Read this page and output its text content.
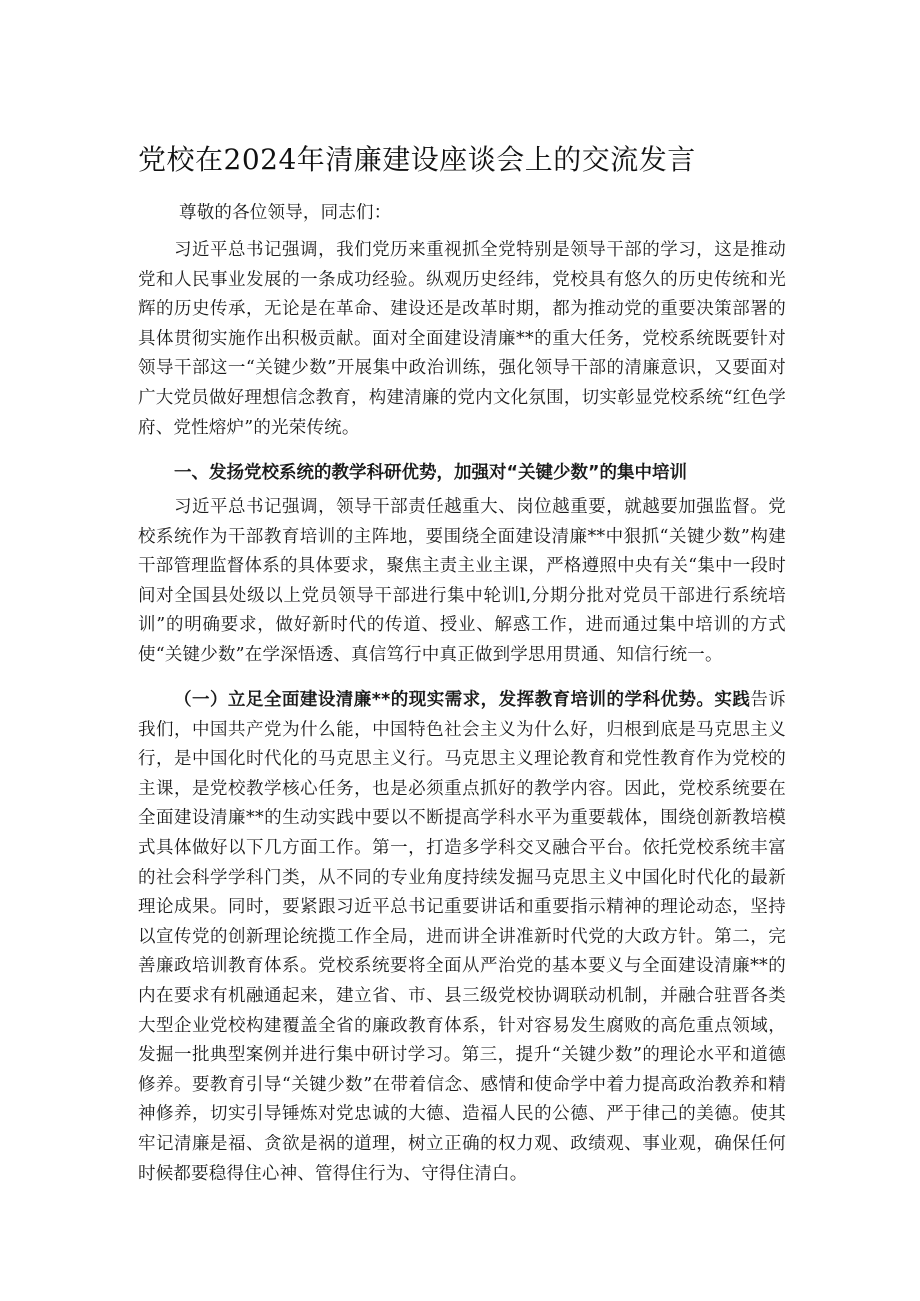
党校在2024年清廉建设座谈会上的交流发言
尊敬的各位领导，同志们：
习近平总书记强调，我们党历来重视抓全党特别是领导干部的学习，这是推动党和人民事业发展的一条成功经验。纵观历史经纬，党校具有悠久的历史传统和光辉的历史传承，无论是在革命、建设还是改革时期，都为推动党的重要决策部署的具体贯彻实施作出积极贡献。面对全面建设清廉**的重大任务，党校系统既要针对领导干部这一“关键少数”开展集中政治训练，强化领导干部的清廉意识，又要面对广大党员做好理想信念教育，构建清廉的党内文化氛围，切实彰显党校系统“红色学府、党性熔炉”的光荣传统。
一、发扬党校系统的教学科研优势，加强对“关键少数”的集中培训
习近平总书记强调，领导干部责任越重大、岗位越重要，就越要加强监督。党校系统作为干部教育培训的主阵地，要围绕全面建设清廉**中狠抓“关键少数”构建干部管理监督体系的具体要求，聚焦主责主业主课，严格遵照中央有关“集中一段时间对全国县处级以上党员领导干部进行集中轮训l,分期分批对党员干部进行系统培训”的明确要求，做好新时代的传道、授业、解惑工作，进而通过集中培训的方式使“关键少数”在学深悟透、真信笃行中真正做到学思用贯通、知信行统一。
（一）立足全面建设清廉**的现实需求，发挥教育培训的学科优势。实践告诉我们，中国共产党为什么能，中国特色社会主义为什么好，归根到底是马克思主义行，是中国化时代化的马克思主义行。马克思主义理论教育和党性教育作为党校的主课，是党校教学核心任务，也是必须重点抓好的教学内容。因此，党校系统要在全面建设清廉**的生动实践中要以不断提高学科水平为重要载体，围绕创新教培模式具体做好以下几方面工作。第一，打造多学科交叉融合平台。依托党校系统丰富的社会科学学科门类，从不同的专业角度持续发掘马克思主义中国化时代化的最新理论成果。同时，要紧跟习近平总书记重要讲话和重要指示精神的理论动态，坚持以宣传党的创新理论统揽工作全局，进而讲全讲准新时代党的大政方针。第二，完善廉政培训教育体系。党校系统要将全面从严治党的基本要义与全面建设清廉**的内在要求有机融通起来，建立省、市、县三级党校协调联动机制，并融合驻晋各类大型企业党校构建覆盖全省的廉政教育体系，针对容易发生腐败的高危重点领域，发掘一批典型案例并进行集中研讨学习。第三，提升“关键少数”的理论水平和道德修养。要教育引导“关键少数”在带着信念、感情和使命学中着力提高政治教养和精神修养，切实引导锤炼对党忠诚的大德、造福人民的公德、严于律己的美德。使其牢记清廉是福、贪欲是祸的道理，树立正确的权力观、政绩观、事业观，确保任何时候都要稳得住心神、管得住行为、守得住清白。
